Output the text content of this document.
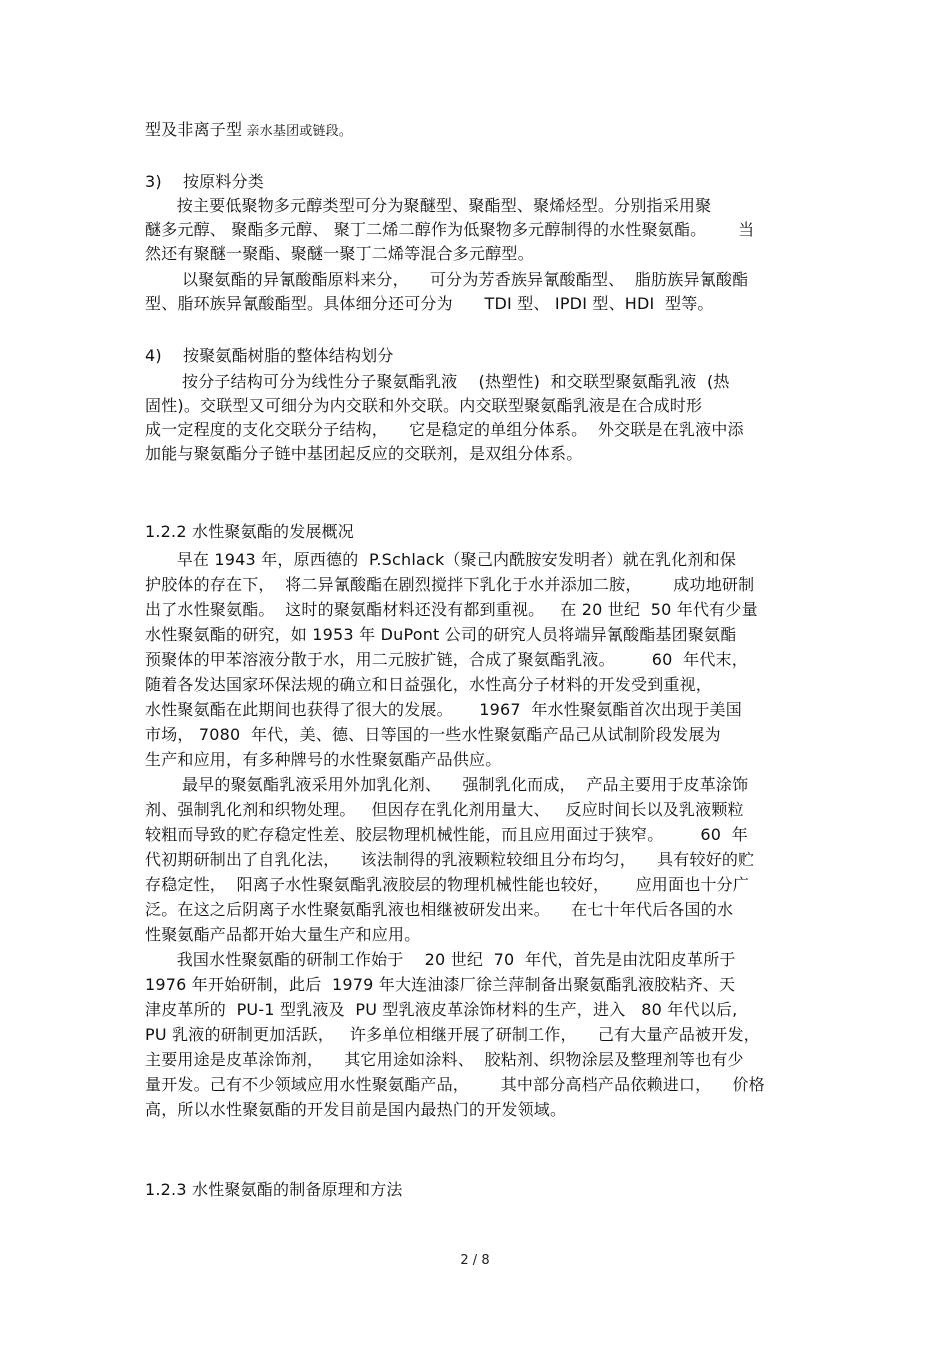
型及非离子型 亲水基团或链段。
3)    按原料分类
按主要低聚物多元醇类型可分为聚醚型、聚酯型、聚烯烃型。分别指采用聚
醚多元醇、 聚酯多元醇、 聚丁二烯二醇作为低聚物多元醇制得的水性聚氨酯。      当
然还有聚醚一聚酯、聚醚一聚丁二烯等混合多元醇型。
以聚氨酯的异氰酸酯原料来分，    可分为芳香族异氰酸酯型、  脂肪族异氰酸酯
型、脂环族异氰酸酯型。具体细分还可分为      TDI 型、 IPDI 型、HDI  型等。
4)    按聚氨酯树脂的整体结构划分
按分子结构可分为线性分子聚氨酯乳液    (热塑性)  和交联型聚氨酯乳液  (热
固性)。交联型又可细分为内交联和外交联。内交联型聚氨酯乳液是在合成时形
成一定程度的支化交联分子结构，    它是稳定的单组分体系。  外交联是在乳液中添
加能与聚氨酯分子链中基团起反应的交联剂，是双组分体系。
1.2.2 水性聚氨酯的发展概况
早在 1943 年，原西德的  P.Schlack（聚己内酰胺安发明者）就在乳化剂和保
护胶体的存在下，  将二异氰酸酯在剧烈搅拌下乳化于水并添加二胺，      成功地研制
出了水性聚氨酯。  这时的聚氨酯材料还没有都到重视。   在 20 世纪  50 年代有少量
水性聚氨酯的研究，如 1953 年 DuPont 公司的研究人员将端异氰酸酯基团聚氨酯
预聚体的甲苯溶液分散于水，用二元胺扩链，合成了聚氨酯乳液。       60  年代末，
随着各发达国家环保法规的确立和日益强化，水性高分子材料的开发受到重视，
水性聚氨酯在此期间也获得了很大的发展。     1967  年水性聚氨酯首次出现于美国
市场， 7080  年代，美、德、日等国的一些水性聚氨酯产品己从试制阶段发展为
生产和应用，有多种牌号的水性聚氨酯产品供应。
最早的聚氨酯乳液采用外加乳化剂、    强制乳化而成，  产品主要用于皮革涂饰
剂、强制乳化剂和织物处理。   但因存在乳化剂用量大、   反应时间长以及乳液颗粒
较粗而导致的贮存稳定性差、胶层物理机械性能，而且应用面过于狭窄。       60  年
代初期研制出了自乳化法，    该法制得的乳液颗粒较细且分布均匀，    具有较好的贮
存稳定性，  阳离子水性聚氨酯乳液胶层的物理机械性能也较好，     应用面也十分广
泛。在这之后阴离子水性聚氨酯乳液也相继被研发出来。    在七十年代后各国的水
性聚氨酯产品都开始大量生产和应用。
我国水性聚氨酯的研制工作始于    20 世纪  70  年代，首先是由沈阳皮革所于
1976 年开始研制，此后  1979 年大连油漆厂徐兰萍制备出聚氨酯乳液胶粘齐、天
津皮革所的  PU-1 型乳液及  PU 型乳液皮革涂饰材料的生产，进入   80 年代以后,
PU 乳液的研制更加活跃，   许多单位相继开展了研制工作，    己有大量产品被开发，
主要用途是皮革涂饰剂，    其它用途如涂料、  胶粘剂、织物涂层及整理剂等也有少
量开发。己有不少领域应用水性聚氨酯产品，      其中部分高档产品依赖进口，    价格
高，所以水性聚氨酯的开发目前是国内最热门的开发领域。
1.2.3 水性聚氨酯的制备原理和方法
2 / 8
